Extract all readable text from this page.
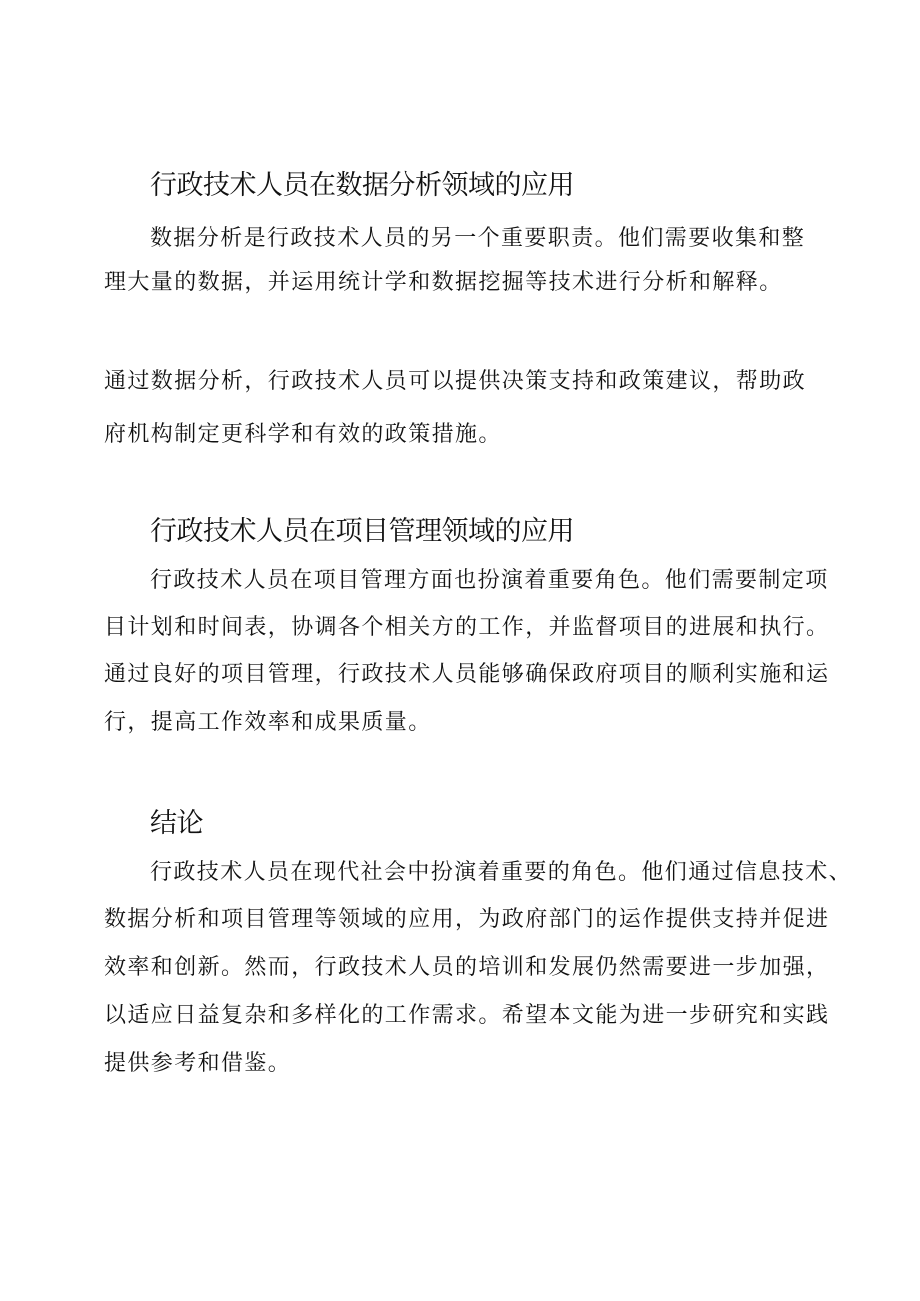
行政技术人员在数据分析领域的应用

数据分析是行政技术人员的另一个重要职责。他们需要收集和整

理大量的数据，并运用统计学和数据挖掘等技术进行分析和解释。

通过数据分析，行政技术人员可以提供决策支持和政策建议，帮助政

府机构制定更科学和有效的政策措施。

行政技术人员在项目管理领域的应用

行政技术人员在项目管理方面也扮演着重要角色。他们需要制定项

目计划和时间表，协调各个相关方的工作，并监督项目的进展和执行。

通过良好的项目管理，行政技术人员能够确保政府项目的顺利实施和运

行，提高工作效率和成果质量。

结论

行政技术人员在现代社会中扮演着重要的角色。他们通过信息技术、

数据分析和项目管理等领域的应用，为政府部门的运作提供支持并促进

效率和创新。然而，行政技术人员的培训和发展仍然需要进一步加强，

以适应日益复杂和多样化的工作需求。希望本文能为进一步研究和实践

提供参考和借鉴。
